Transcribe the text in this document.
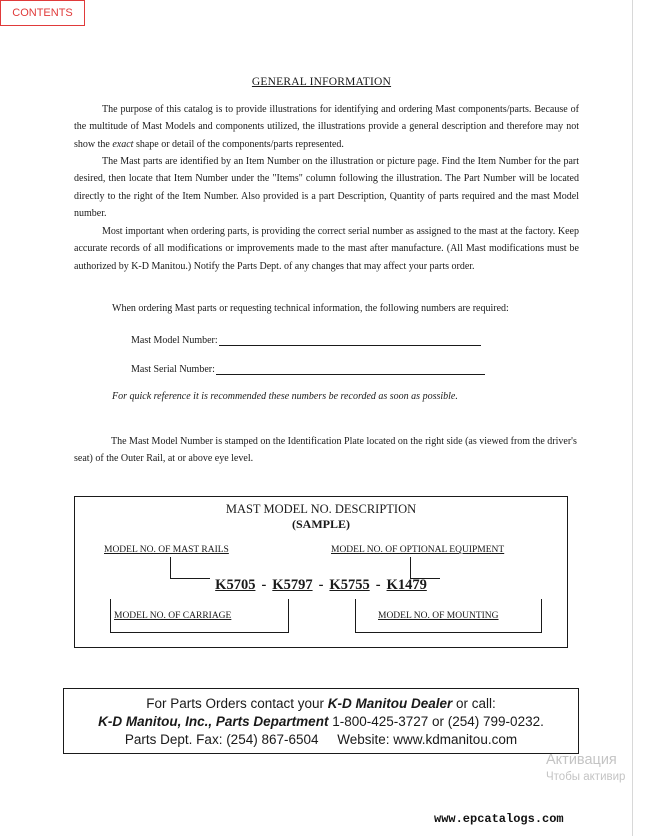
CONTENTS
GENERAL INFORMATION
The purpose of this catalog is to provide illustrations for identifying and ordering Mast components/parts. Because of the multitude of Mast Models and components utilized, the illustrations provide a general description and therefore may not show the exact shape or detail of the components/parts represented.
The Mast parts are identified by an Item Number on the illustration or picture page. Find the Item Number for the part desired, then locate that Item Number under the "Items" column following the illustration. The Part Number will be located directly to the right of the Item Number. Also provided is a part Description, Quantity of parts required and the mast Model number.
Most important when ordering parts, is providing the correct serial number as assigned to the mast at the factory. Keep accurate records of all modifications or improvements made to the mast after manufacture. (All Mast modifications must be authorized by K-D Manitou.) Notify the Parts Dept. of any changes that may affect your parts order.
When ordering Mast parts or requesting technical information, the following numbers are required:
Mast Model Number:
Mast Serial Number:
For quick reference it is recommended these numbers be recorded as soon as possible.
The Mast Model Number is stamped on the Identification Plate located on the right side (as viewed from the driver's seat) of the Outer Rail, at or above eye level.
MAST MODEL NO. DESCRIPTION
(SAMPLE)
MODEL NO. OF MAST RAILS	MODEL NO. OF OPTIONAL EQUIPMENT
K5705 - K5797 - K5755 - K1479
MODEL NO. OF CARRIAGE	MODEL NO. OF MOUNTING
For Parts Orders contact your K-D Manitou Dealer or call:
K-D Manitou, Inc., Parts Department 1-800-425-3727 or (254) 799-0232.
Parts Dept. Fax: (254) 867-6504     Website: www.kdmanitou.com
Активация
Чтобы активир
www.epcatalogs.com
